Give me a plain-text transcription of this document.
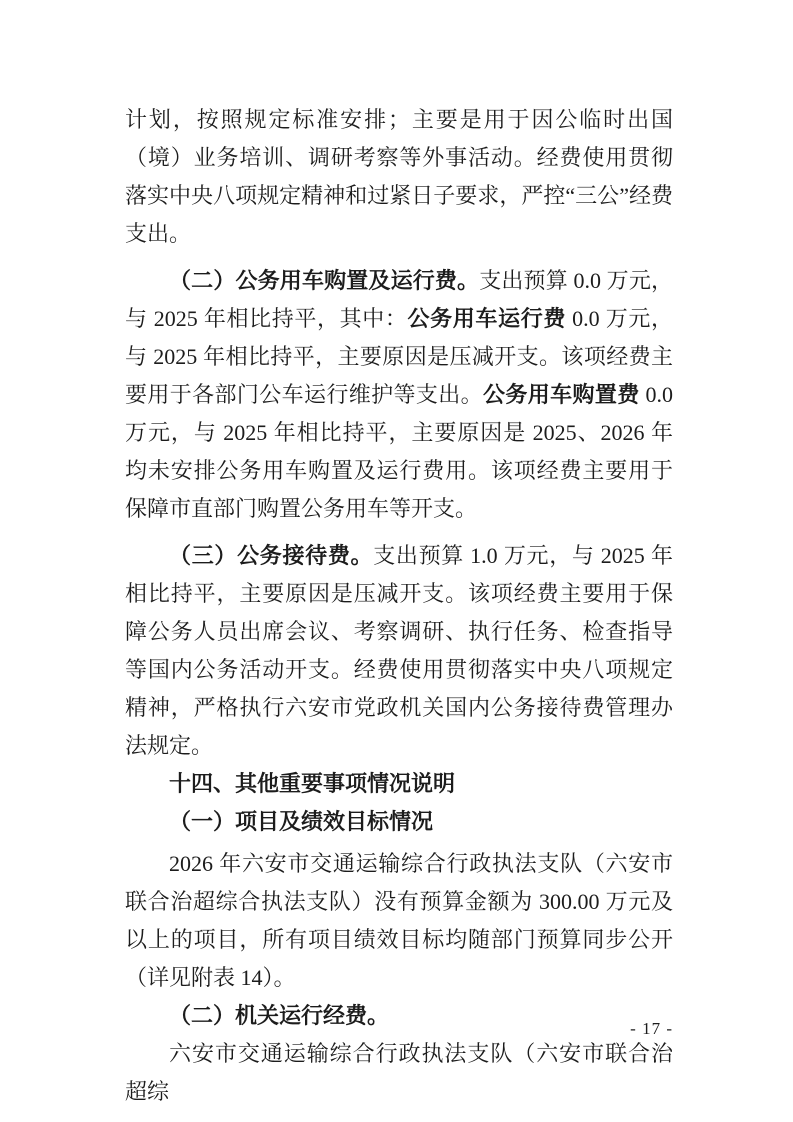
计划，按照规定标准安排；主要是用于因公临时出国（境）业务培训、调研考察等外事活动。经费使用贯彻落实中央八项规定精神和过紧日子要求，严控“三公”经费支出。

（二）公务用车购置及运行费。支出预算 0.0 万元，与 2025 年相比持平，其中：公务用车运行费 0.0 万元，与 2025 年相比持平，主要原因是压减开支。该项经费主要用于各部门公车运行维护等支出。公务用车购置费 0.0 万元，与 2025 年相比持平，主要原因是 2025、2026 年均未安排公务用车购置及运行费用。该项经费主要用于保障市直部门购置公务用车等开支。

（三）公务接待费。支出预算 1.0 万元，与 2025 年相比持平，主要原因是压减开支。该项经费主要用于保障公务人员出席会议、考察调研、执行任务、检查指导等国内公务活动开支。经费使用贯彻落实中央八项规定精神，严格执行六安市党政机关国内公务接待费管理办法规定。

十四、其他重要事项情况说明

（一）项目及绩效目标情况

2026 年六安市交通运输综合行政执法支队（六安市联合治超综合执法支队）没有预算金额为 300.00 万元及以上的项目，所有项目绩效目标均随部门预算同步公开（详见附表 14）。

（二）机关运行经费。

六安市交通运输综合行政执法支队（六安市联合治超综

- 17 -
